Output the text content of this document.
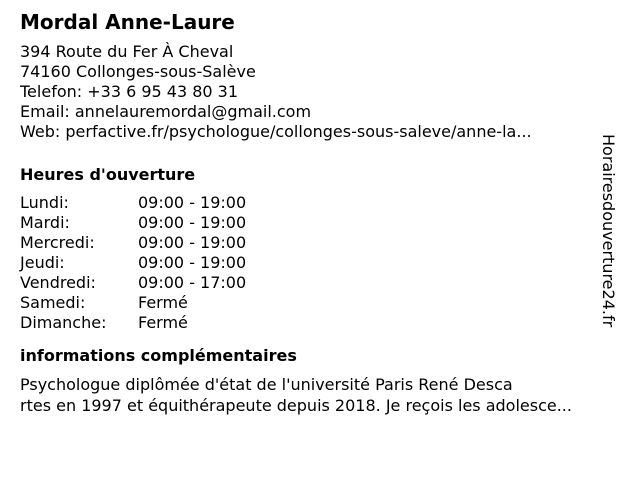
Mordal Anne-Laure
394 Route du Fer À Cheval
74160 Collonges-sous-Salève
Telefon: +33 6 95 43 80 31
Email: annelauremordal@gmail.com
Web: perfactive.fr/psychologue/collonges-sous-saleve/anne-la...
Heures d'ouverture
Lundi:	09:00 - 19:00
Mardi:	09:00 - 19:00
Mercredi:	09:00 - 19:00
Jeudi:	09:00 - 19:00
Vendredi:	09:00 - 17:00
Samedi:	Fermé
Dimanche:	Fermé
informations complémentaires
Psychologue diplômée d'état de l'université Paris René Desca
rtes en 1997 et équithérapeute depuis 2018. Je reçois les adolesce...
Horairesdouverture24.fr
